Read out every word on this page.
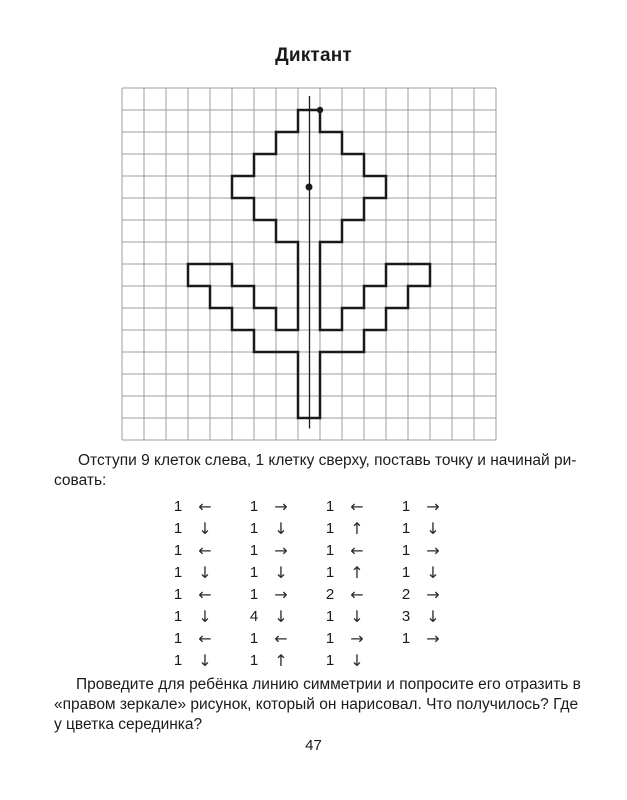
Диктант
Отступи 9 клеток слева, 1 клетку сверху, поставь точку и начинай ри-
совать:
1	←	1	→	1	←	1	→
1	↓	1	↓	1	↑	1	↓
1	←	1	→	1	←	1	→
1	↓	1	↓	1	↑	1	↓
1	←	1	→	2	←	2	→
1	↓	4	↓	1	↓	3	↓
1	←	1	←	1	→	1	→
1	↓	1	↑	1	↓
Проведите для ребёнка линию симметрии и попросите его отразить в
«правом зеркале» рисунок, который он нарисовал. Что получилось? Где
у цветка серединка?
47
